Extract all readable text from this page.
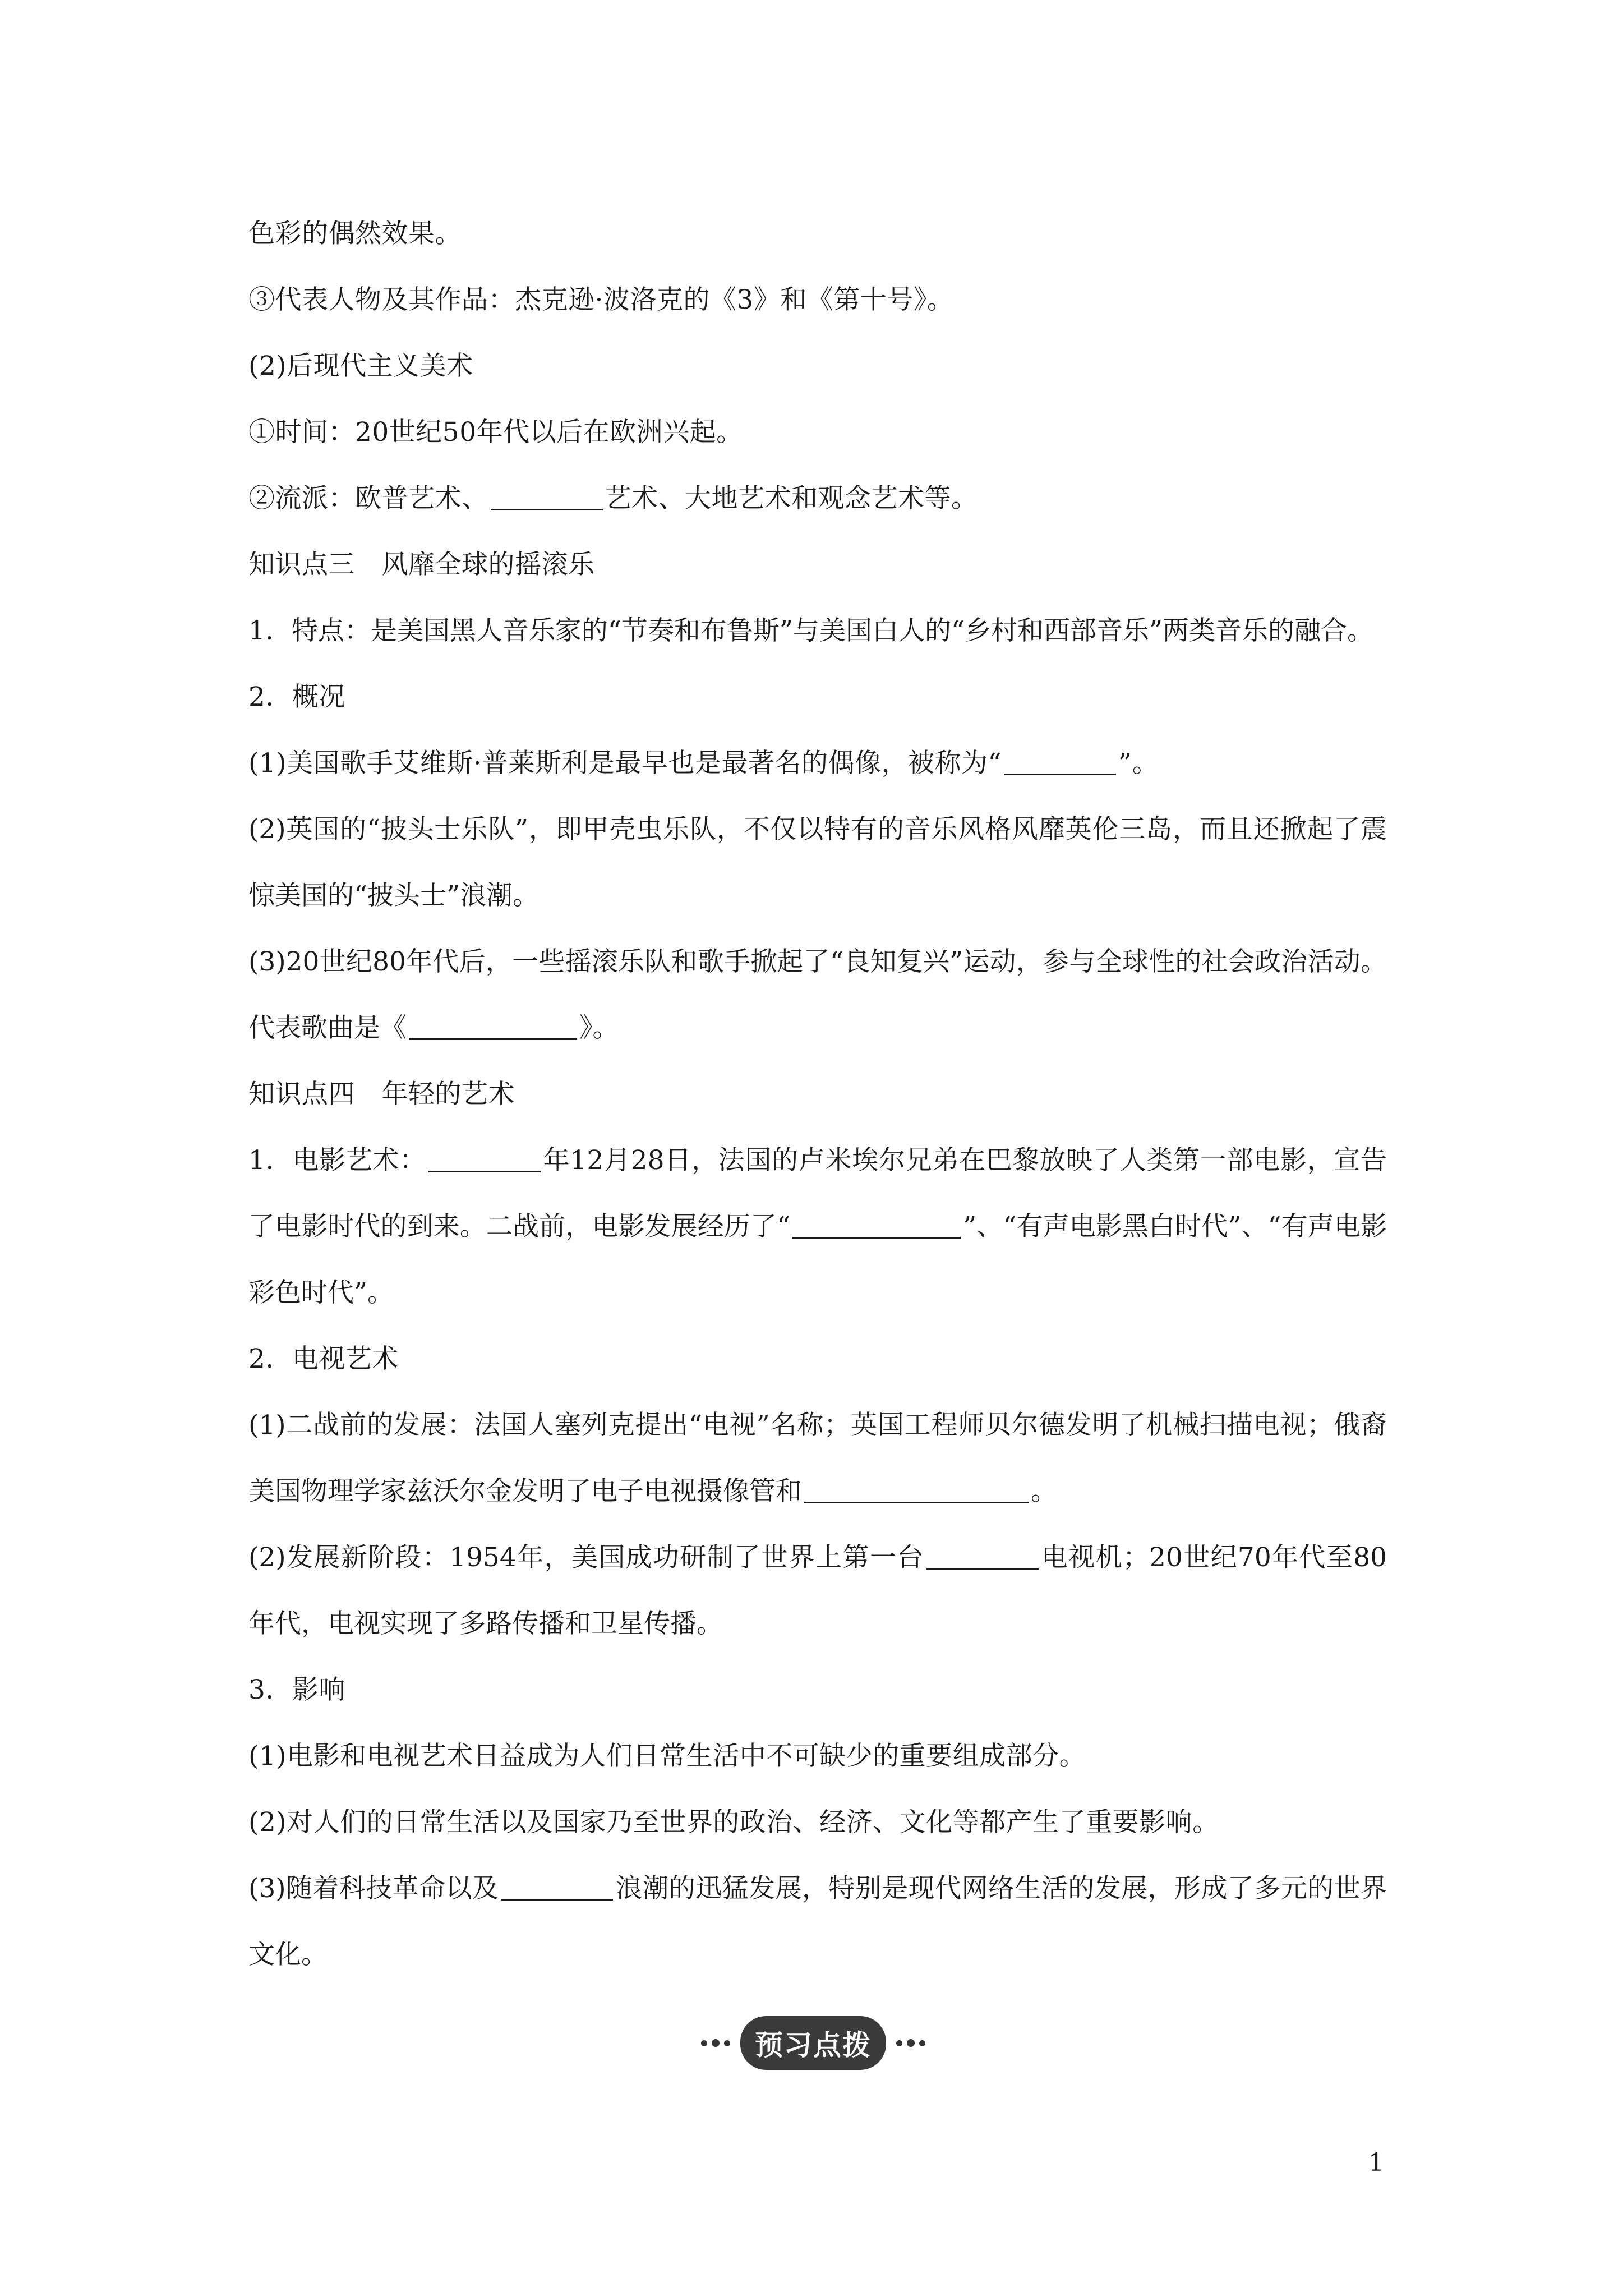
色彩的偶然效果。
③代表人物及其作品：杰克逊·波洛克的《3》和《第十号》。
(2)后现代主义美术
①时间：20世纪50年代以后在欧洲兴起。
②流派：欧普艺术、	艺术、大地艺术和观念艺术等。
知识点三　风靡全球的摇滚乐
1．特点：是美国黑人音乐家的“节奏和布鲁斯”与美国白人的“乡村和西部音乐”两类音乐的融合。
2．概况
(1)美国歌手艾维斯·普莱斯利是最早也是最著名的偶像，被称为“	”。
(2)英国的“披头士乐队”，即甲壳虫乐队，不仅以特有的音乐风格风靡英伦三岛，而且还掀起了震惊美国的“披头士”浪潮。
(3)20世纪80年代后，一些摇滚乐队和歌手掀起了“良知复兴”运动，参与全球性的社会政治活动。代表歌曲是《	》。
知识点四　年轻的艺术
1．电影艺术：	年12月28日，法国的卢米埃尔兄弟在巴黎放映了人类第一部电影，宣告了电影时代的到来。二战前，电影发展经历了“	”、“有声电影黑白时代”、“有声电影彩色时代”。
2．电视艺术
(1)二战前的发展：法国人塞列克提出“电视”名称；英国工程师贝尔德发明了机械扫描电视；俄裔美国物理学家兹沃尔金发明了电子电视摄像管和	。
(2)发展新阶段：1954年，美国成功研制了世界上第一台	电视机；20世纪70年代至80年代，电视实现了多路传播和卫星传播。
3．影响
(1)电影和电视艺术日益成为人们日常生活中不可缺少的重要组成部分。
(2)对人们的日常生活以及国家乃至世界的政治、经济、文化等都产生了重要影响。
(3)随着科技革命以及	浪潮的迅猛发展，特别是现代网络生活的发展，形成了多元的世界文化。
预习点拨
1
